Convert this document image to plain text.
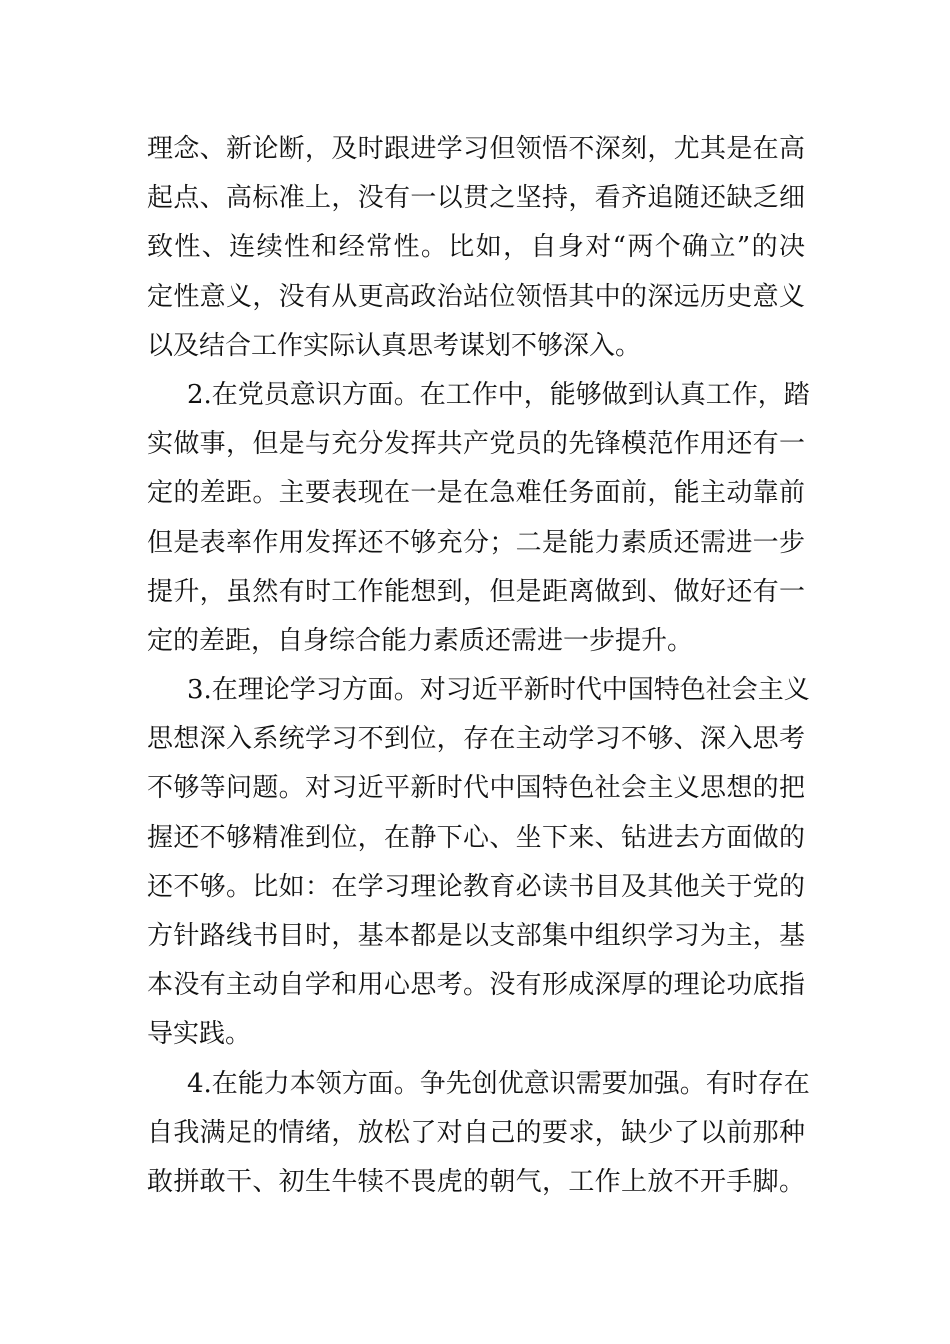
理念、新论断，及时跟进学习但领悟不深刻，尤其是在高
起点、高标准上，没有一以贯之坚持，看齐追随还缺乏细
致性、连续性和经常性。比如，自身对“两个确立”的决
定性意义，没有从更高政治站位领悟其中的深远历史意义
以及结合工作实际认真思考谋划不够深入。
2.在党员意识方面。在工作中，能够做到认真工作，踏
实做事，但是与充分发挥共产党员的先锋模范作用还有一
定的差距。主要表现在一是在急难任务面前，能主动靠前
但是表率作用发挥还不够充分；二是能力素质还需进一步
提升，虽然有时工作能想到，但是距离做到、做好还有一
定的差距，自身综合能力素质还需进一步提升。
3.在理论学习方面。对习近平新时代中国特色社会主义
思想深入系统学习不到位，存在主动学习不够、深入思考
不够等问题。对习近平新时代中国特色社会主义思想的把
握还不够精准到位，在静下心、坐下来、钻进去方面做的
还不够。比如：在学习理论教育必读书目及其他关于党的
方针路线书目时，基本都是以支部集中组织学习为主，基
本没有主动自学和用心思考。没有形成深厚的理论功底指
导实践。
4.在能力本领方面。争先创优意识需要加强。有时存在
自我满足的情绪，放松了对自己的要求，缺少了以前那种
敢拼敢干、初生牛犊不畏虎的朝气，工作上放不开手脚。
